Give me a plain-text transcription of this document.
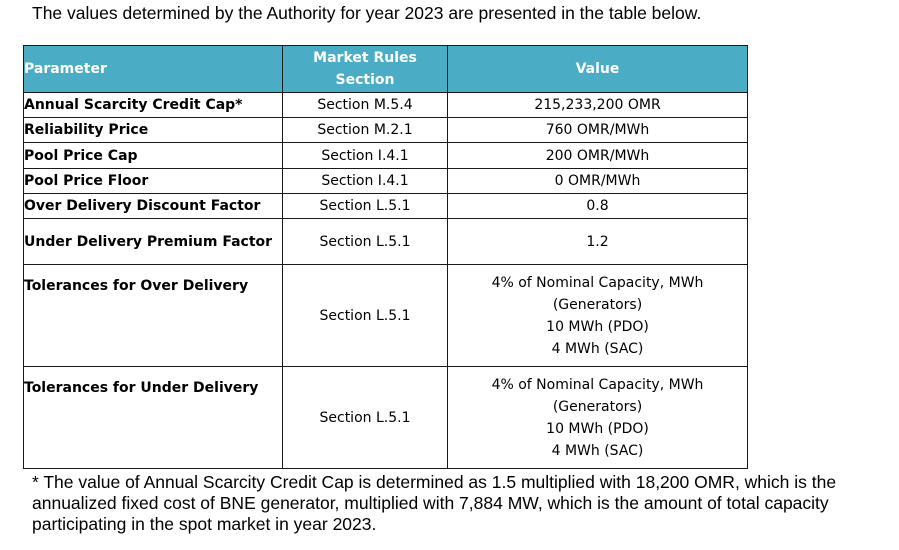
The values determined by the Authority for year 2023 are presented in the table below.
Parameter	Market Rules Section	Value
Annual Scarcity Credit Cap*	Section M.5.4	215,233,200 OMR
Reliability Price	Section M.2.1	760 OMR/MWh
Pool Price Cap	Section I.4.1	200 OMR/MWh
Pool Price Floor	Section I.4.1	0 OMR/MWh
Over Delivery Discount Factor	Section L.5.1	0.8
Under Delivery Premium Factor	Section L.5.1	1.2
Tolerances for Over Delivery	Section L.5.1	4% of Nominal Capacity, MWh
(Generators)
10 MWh (PDO)
4 MWh (SAC)

Tolerances for Under Delivery	Section L.5.1	4% of Nominal Capacity, MWh
(Generators)
10 MWh (PDO)
4 MWh (SAC)
* The value of Annual Scarcity Credit Cap is determined as 1.5 multiplied with 18,200 OMR, which is the annualized fixed cost of BNE generator, multiplied with 7,884 MW, which is the amount of total capacity participating in the spot market in year 2023.
